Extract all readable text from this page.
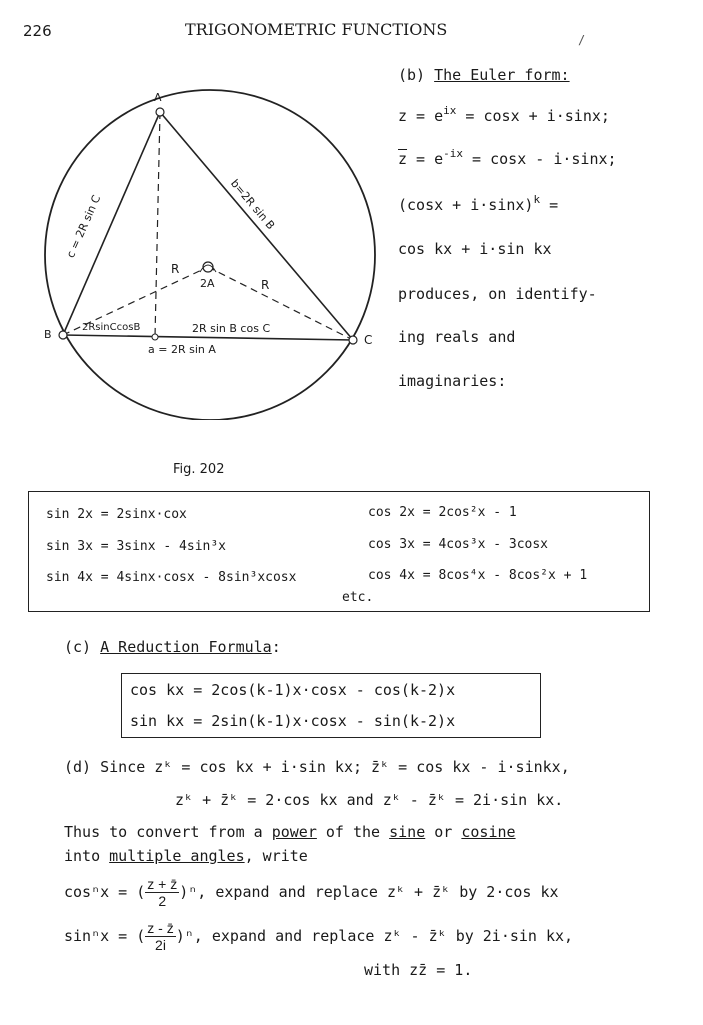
226	TRIGONOMETRIC FUNCTIONS
/
A
B	C
c = 2R sin C	b=2R sin B
R
R
2A
2RsinCcosB	2R sin B cos C
a = 2R sin A
Fig. 202
(b) The Euler form:
$z = e^{ix} = \cos x + i\cdot\sin x$;
$\overline{z} = e^{-ix} = \cos x - i\cdot\sin x$;
$(\cos x + i\cdot\sin x)^k$ =
cos kx + i·sin kx
produces, on identify-
ing reals and
imaginaries:
sin 2x = 2sinx·cox	cos 2x = 2cos²x - 1
sin 3x = 3sinx - 4sin³x	cos 3x = 4cos³x - 3cosx
sin 4x = 4sinx·cosx - 8sin³xcosx	cos 4x = 8cos⁴x - 8cos²x + 1
etc.
(c) A Reduction Formula:
cos kx = 2cos(k-1)x·cosx - cos(k-2)x
sin kx = 2sin(k-1)x·cosx - sin(k-2)x
(d) Since zᵏ = cos kx + i·sin kx; z̄ᵏ = cos kx - i·sinkx,
zᵏ + z̄ᵏ = 2·cos kx and zᵏ - z̄ᵏ = 2i·sin kx.
Thus to convert from a power of the sine or cosine
into multiple angles, write
cosⁿx = ( $\frac{z + z̄}{2} )^n$, expand and replace zᵏ + z̄ᵏ by 2·cos kx
sinⁿx = ( $\frac{z - z̄}{2i} )^n$, expand and replace zᵏ - z̄ᵏ by 2i·sin kx,
with zz̄ = 1.
